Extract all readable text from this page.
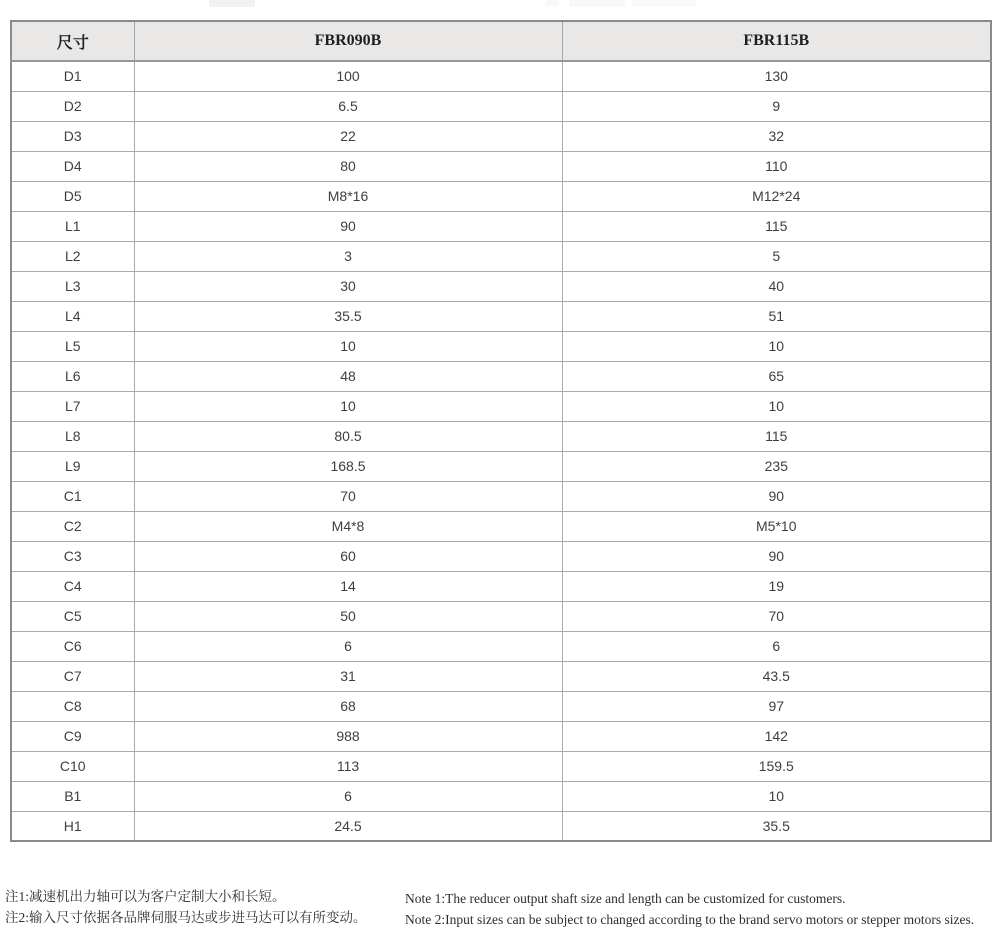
尺寸	FBR090B	FBR115B
D1	100	130
D2	6.5	9
D3	22	32
D4	80	110
D5	M8*16	M12*24
L1	90	115
L2	3	5
L3	30	40
L4	35.5	51
L5	10	10
L6	48	65
L7	10	10
L8	80.5	115
L9	168.5	235
C1	70	90
C2	M4*8	M5*10
C3	60	90
C4	14	19
C5	50	70
C6	6	6
C7	31	43.5
C8	68	97
C9	988	142
C10	113	159.5
B1	6	10
H1	24.5	35.5
注1:减速机出力轴可以为客户定制大小和长短。
注2:输入尺寸依据各品牌伺服马达或步进马达可以有所变动。
Note 1:The reducer output shaft size and length can be customized for customers.
Note 2:Input sizes can be subject to changed according to the brand servo motors or stepper motors sizes.
